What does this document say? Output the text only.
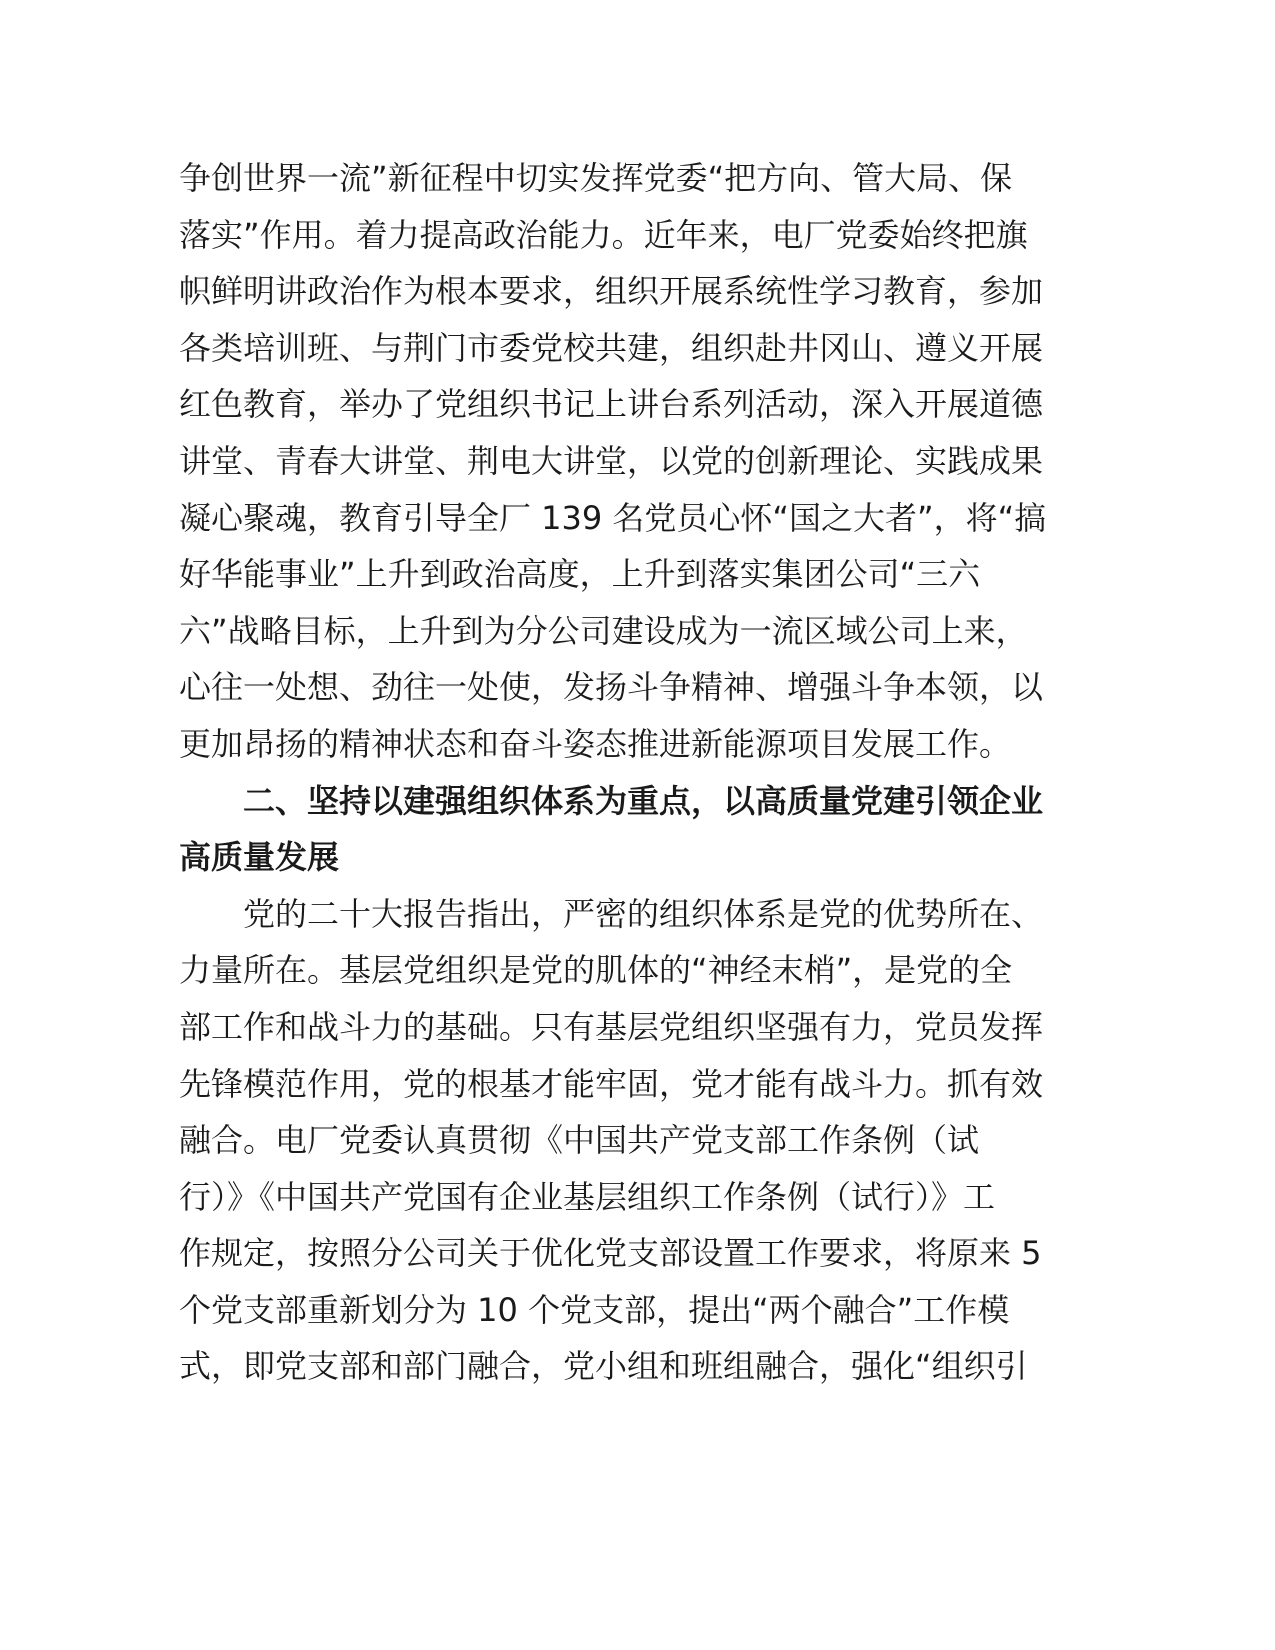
争创世界一流”新征程中切实发挥党委“把方向、管大局、保
落实”作用。着力提高政治能力。近年来，电厂党委始终把旗
帜鲜明讲政治作为根本要求，组织开展系统性学习教育，参加
各类培训班、与荆门市委党校共建，组织赴井冈山、遵义开展
红色教育，举办了党组织书记上讲台系列活动，深入开展道德
讲堂、青春大讲堂、荆电大讲堂，以党的创新理论、实践成果
凝心聚魂，教育引导全厂 139 名党员心怀“国之大者”，将“搞
好华能事业”上升到政治高度，上升到落实集团公司“三六
六”战略目标，上升到为分公司建设成为一流区域公司上来，
心往一处想、劲往一处使，发扬斗争精神、增强斗争本领，以
更加昂扬的精神状态和奋斗姿态推进新能源项目发展工作。
二、坚持以建强组织体系为重点，以高质量党建引领企业
高质量发展
党的二十大报告指出，严密的组织体系是党的优势所在、
力量所在。基层党组织是党的肌体的“神经末梢”，是党的全
部工作和战斗力的基础。只有基层党组织坚强有力，党员发挥
先锋模范作用，党的根基才能牢固，党才能有战斗力。抓有效
融合。电厂党委认真贯彻《中国共产党支部工作条例（试
行）》《中国共产党国有企业基层组织工作条例（试行）》工
作规定，按照分公司关于优化党支部设置工作要求，将原来 5
个党支部重新划分为 10 个党支部，提出“两个融合”工作模
式，即党支部和部门融合，党小组和班组融合，强化“组织引
